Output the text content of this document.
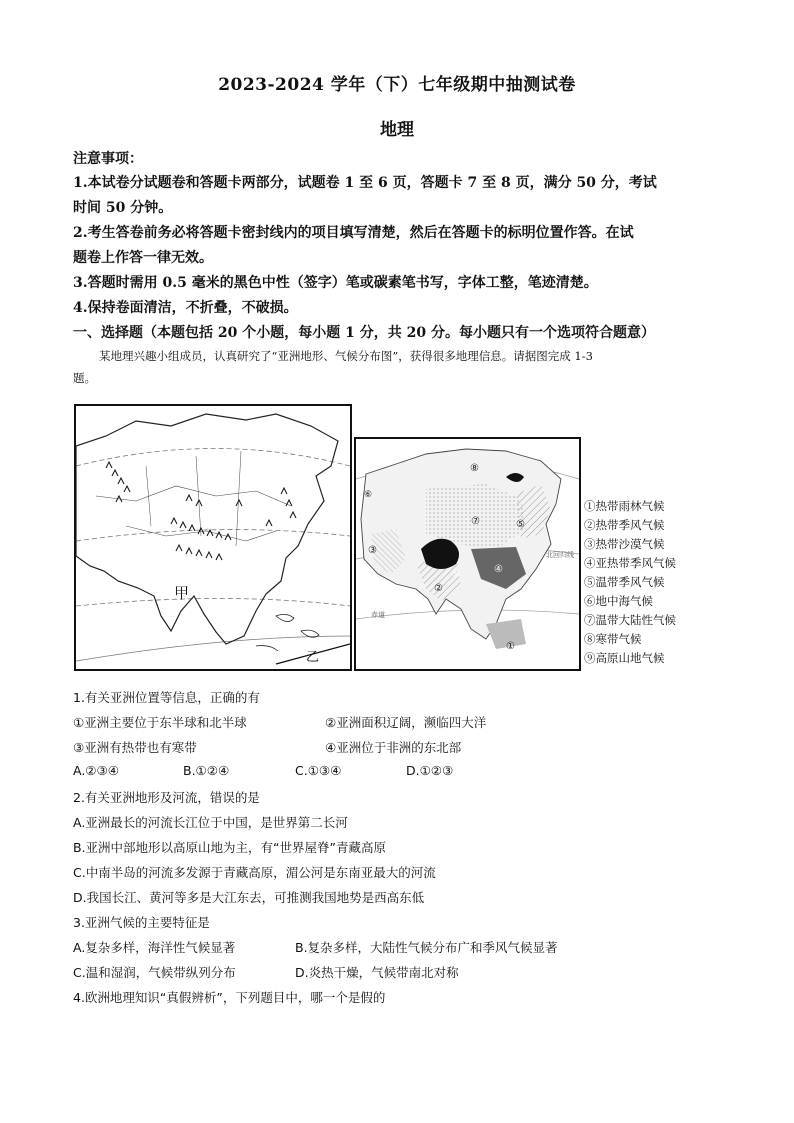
2023-2024 学年（下）七年级期中抽测试卷
地理
注意事项：
1.本试卷分试题卷和答题卡两部分，试题卷 1 至 6 页，答题卡 7 至 8 页，满分 50 分，考试
时间 50 分钟。
2.考生答卷前务必将答题卡密封线内的项目填写清楚，然后在答题卡的标明位置作答。在试
题卷上作答一律无效。
3.答题时需用 0.5 毫米的黑色中性（签字）笔或碳素笔书写，字体工整，笔迹清楚。
4.保持卷面清洁，不折叠，不破损。
一、选择题（本题包括 20 个小题，每小题 1 分，共 20 分。每小题只有一个选项符合题意）
某地理兴趣小组成员，认真研究了“亚洲地形、气候分布图”，获得很多地理信息。请据图完成 1-3
题。
甲
乙
⑧
⑦	⑤
③
⑨	④
②
①
⑥
北回归线
赤道
①热带雨林气候
②热带季风气候
③热带沙漠气候
④亚热带季风气候
⑤温带季风气候
⑥地中海气候
⑦温带大陆性气候
⑧寒带气候
⑨高原山地气候
1.有关亚洲位置等信息，正确的有
①亚洲主要位于东半球和北半球	②亚洲面积辽阔，濒临四大洋
③亚洲有热带也有寒带	④亚洲位于非洲的东北部
A.②③④	B.①②④	C.①③④	D.①②③
2.有关亚洲地形及河流，错误的是
A.亚洲最长的河流长江位于中国，是世界第二长河
B.亚洲中部地形以高原山地为主，有“世界屋脊”青藏高原
C.中南半岛的河流多发源于青藏高原，湄公河是东南亚最大的河流
D.我国长江、黄河等多是大江东去，可推测我国地势是西高东低
3.亚洲气候的主要特征是
A.复杂多样，海洋性气候显著	B.复杂多样，大陆性气候分布广和季风气候显著
C.温和湿润，气候带纵列分布	D.炎热干燥，气候带南北对称
4.欧洲地理知识“真假辨析”，下列题目中，哪一个是假的
